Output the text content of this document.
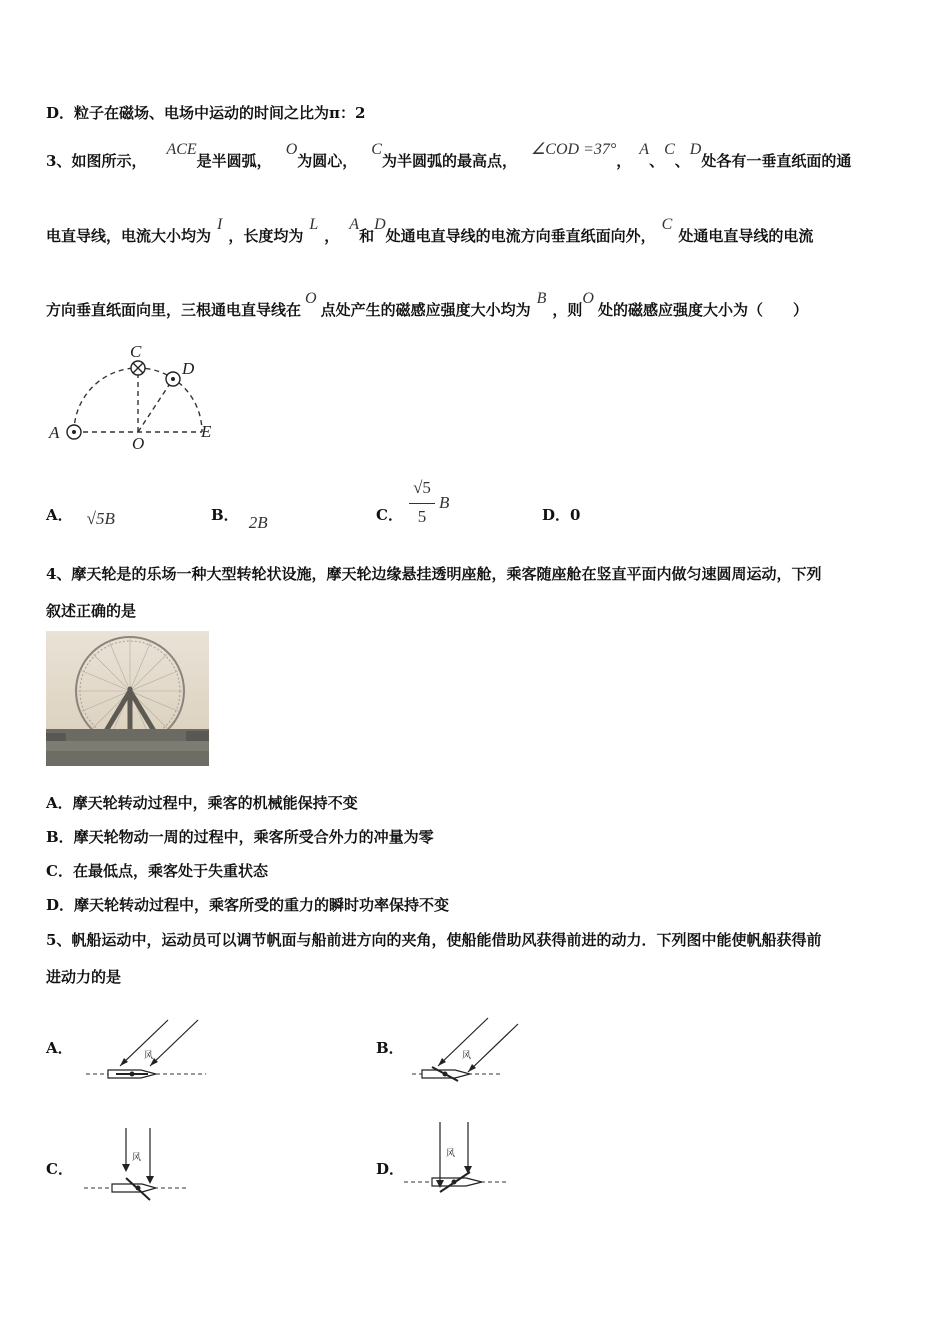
D．粒子在磁场、电场中运动的时间之比为π：2
3、如图所示，ACE是半圆弧，O为圆心，C为半圆弧的最高点，∠COD =37°，A、C、D处各有一垂直纸面的通
电直导线，电流大小均为I，长度均为L，A和D处通电直导线的电流方向垂直纸面向外，C处通电直导线的电流
方向垂直纸面向里，三根通电直导线在O点处产生的磁感应强度大小均为B，则O处的磁感应强度大小为（　　）
C
D
A
O
E
A． √5B	B． 2B	C．
√5
5
B
D．0
4、摩天轮是的乐场一种大型转轮状设施，摩天轮边缘悬挂透明座舱，乘客随座舱在竖直平面内做匀速圆周运动，下列
叙述正确的是
A．摩天轮转动过程中，乘客的机械能保持不变
B．摩天轮物动一周的过程中，乘客所受合外力的冲量为零
C．在最低点，乘客处于失重状态
D．摩天轮转动过程中，乘客所受的重力的瞬时功率保持不变
5、帆船运动中，运动员可以调节帆面与船前进方向的夹角，使船能借助风获得前进的动力．下列图中能使帆船获得前
进动力的是
A．	B．
C．	D．
风	风
风	风
